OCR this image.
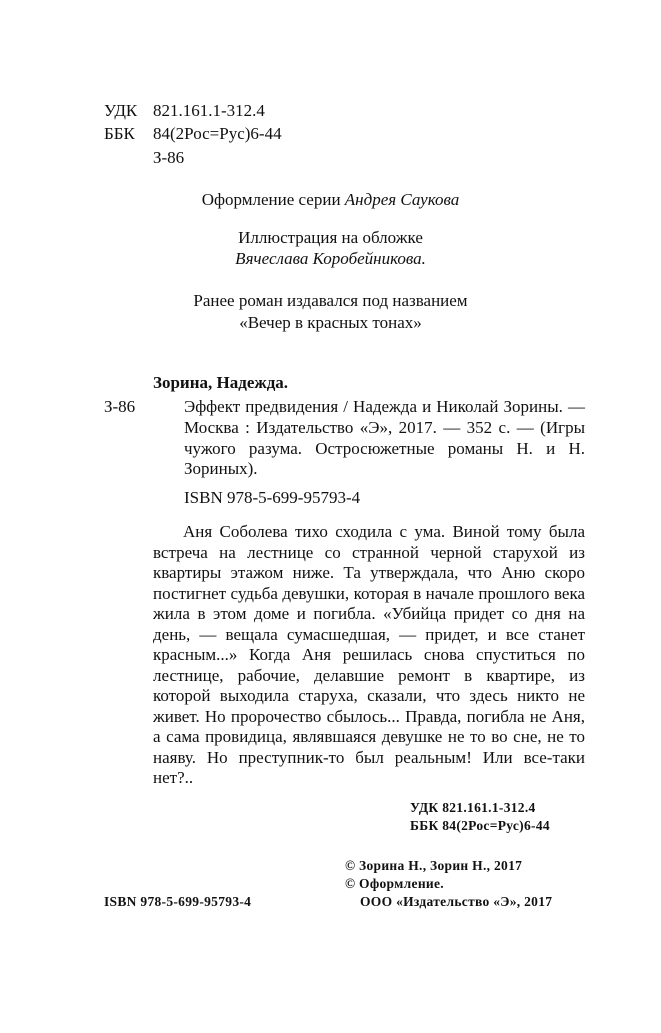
УДК 821.161.1-312.4
ББК 84(2Рос=Рус)6-44
З-86
Оформление серии Андрея Саукова
Иллюстрация на обложке
Вячеслава Коробейникова.
Ранее роман издавался под названием
«Вечер в красных тонах»
Зорина, Надежда.
З-86	Эффект предвидения / Надежда и Николай Зорины. — Москва : Издательство «Э», 2017. — 352 с. — (Игры чужого разума. Остросюжетные романы Н. и Н. Зориных).
ISBN 978-5-699-95793-4

Аня Соболева тихо сходила с ума. Виной тому была встреча на лестнице со странной черной старухой из квартиры этажом ниже. Та утверждала, что Аню скоро постигнет судьба девушки, которая в начале прошлого века жила в этом доме и погибла. «Убийца придет со дня на день, — вещала сумасшедшая, — придет, и все станет красным...» Когда Аня решилась снова спуститься по лестнице, рабочие, делавшие ремонт в квартире, из которой выходила старуха, сказали, что здесь никто не живет. Но пророчество сбылось... Правда, погибла не Аня, а сама провидица, являвшаяся девушке не то во сне, не то наяву. Но преступник-то был реальным! Или все-таки нет?..

УДК 821.161.1-312.4
ББК 84(2Рос=Рус)6-44
© Зорина Н., Зорин Н., 2017
© Оформление.
ISBN 978-5-699-95793-4	ООО «Издательство «Э», 2017
